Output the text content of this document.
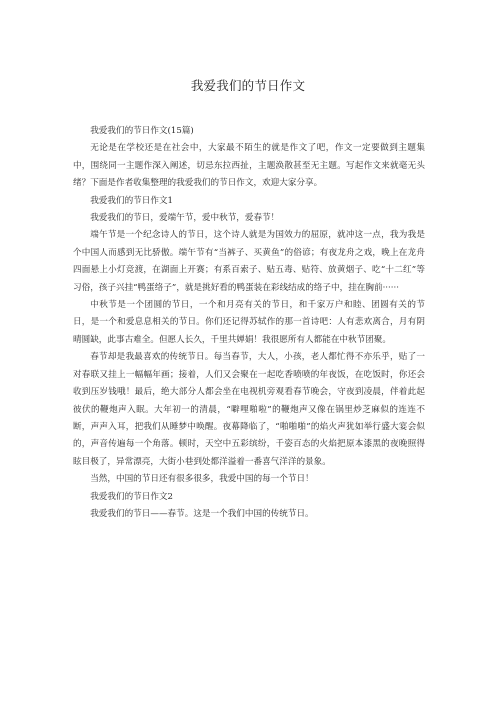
我爱我们的节日作文

我爱我们的节日作文(15篇)

无论是在学校还是在社会中，大家最不陌生的就是作文了吧，作文一定要做到主题集中，围绕同一主题作深入阐述，切忌东拉西扯，主题涣散甚至无主题。写起作文来就毫无头绪？下面是作者收集整理的我爱我们的节日作文，欢迎大家分享。

我爱我们的节日作文1

我爱我们的节日，爱端午节，爱中秋节，爱春节！

端午节是一个纪念诗人的节日，这个诗人就是为国效力的屈原，就冲这一点，我为我是个中国人而感到无比骄傲。端午节有“当裤子、买黄鱼”的俗谚；有夜龙舟之戏，晚上在龙舟四面悬上小灯竞渡，在湖面上开赛；有系百索子、贴五毒、贴符、放黄烟子、吃“十二红”等习俗，孩子兴挂“鸭蛋络子”，就是挑好看的鸭蛋装在彩线结成的络子中，挂在胸前······

中秋节是一个团圆的节日，一个和月亮有关的节日，和千家万户和睦、团圆有关的节日，是一个和爱息息相关的节日。你们还记得苏轼作的那一首诗吧：人有悲欢离合，月有阴晴圆缺，此事古难全。但愿人长久，千里共婵娟！我很愿所有人都能在中秋节团聚。

春节却是我最喜欢的传统节日。每当春节，大人，小孩，老人都忙得不亦乐乎，贴了一对春联又挂上一幅幅年画；接着，人们又会聚在一起吃香喷喷的年夜饭，在吃饭时，你还会收到压岁钱哦！最后，绝大部分人都会坐在电视机旁观看春节晚会，守夜到凌晨，伴着此起彼伏的鞭炮声入眠。大年初一的清晨，“噼哩啪啦”的鞭炮声又像在锅里炒芝麻似的连连不断，声声入耳，把我们从睡梦中唤醒。夜幕降临了，“啪啪啪”的焰火声犹如举行盛大宴会似的，声音传遍每一个角落。顿时，天空中五彩缤纷，千姿百态的火焰把原本漆黑的夜晚照得眩目极了，异常漂亮，大街小巷到处都洋溢着一番喜气洋洋的景象。

当然，中国的节日还有很多很多，我爱中国的每一个节日！

我爱我们的节日作文2

我爱我们的节日——春节。这是一个我们中国的传统节日。
